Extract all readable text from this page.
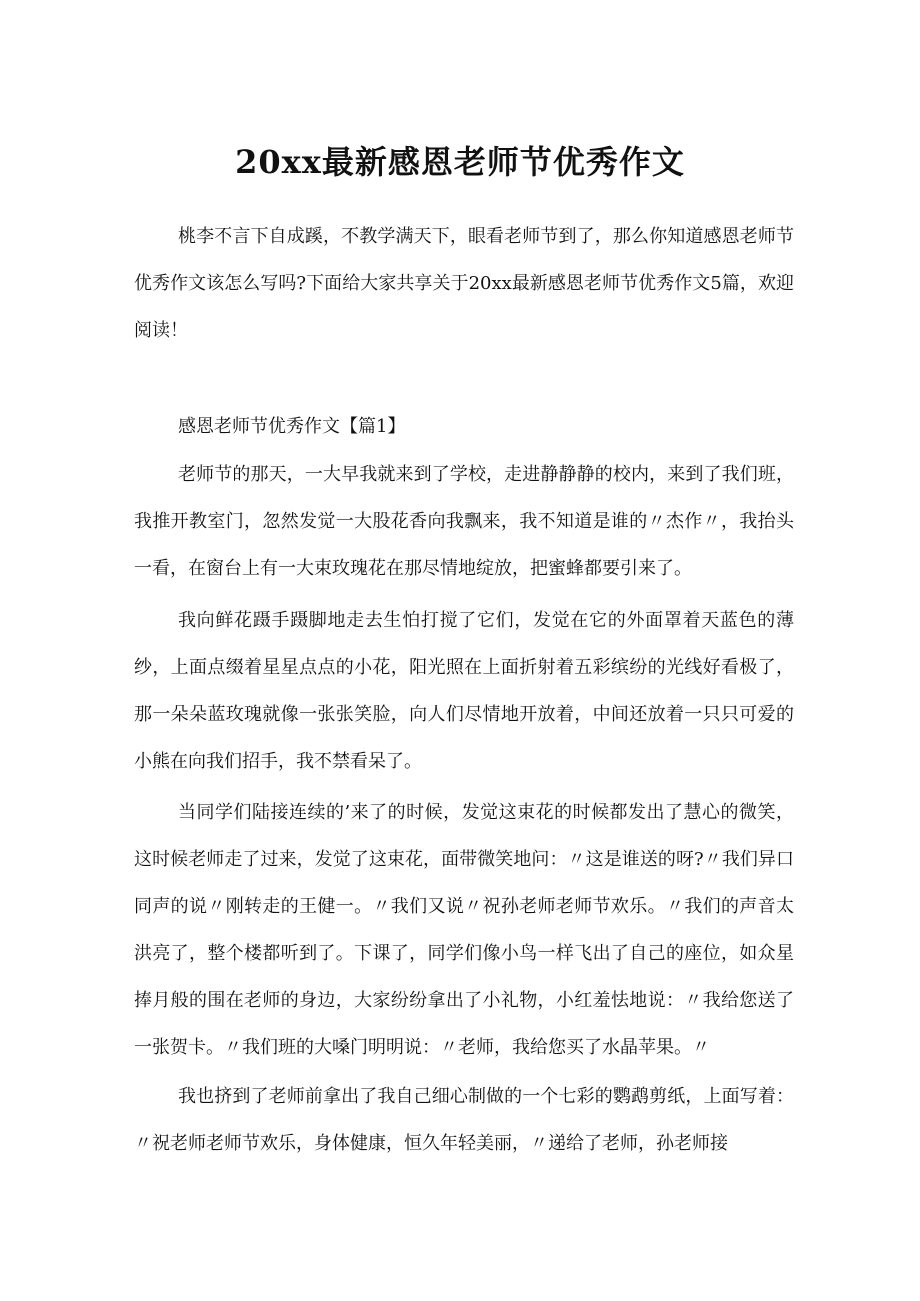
20xx最新感恩老师节优秀作文

桃李不言下自成蹊，不教学满天下，眼看老师节到了，那么你知道感恩老师节优秀作文该怎么写吗?下面给大家共享关于20xx最新感恩老师节优秀作文5篇，欢迎阅读！

感恩老师节优秀作文【篇1】

老师节的那天，一大早我就来到了学校，走进静静静的校内，来到了我们班，我推开教室门，忽然发觉一大股花香向我飘来，我不知道是谁的〃杰作〃，我抬头一看，在窗台上有一大束玫瑰花在那尽情地绽放，把蜜蜂都要引来了。

我向鲜花蹑手蹑脚地走去生怕打搅了它们，发觉在它的外面罩着天蓝色的薄纱，上面点缀着星星点点的小花，阳光照在上面折射着五彩缤纷的光线好看极了，那一朵朵蓝玫瑰就像一张张笑脸，向人们尽情地开放着，中间还放着一只只可爱的小熊在向我们招手，我不禁看呆了。

当同学们陆接连续的’来了的时候，发觉这束花的时候都发出了慧心的微笑，这时候老师走了过来，发觉了这束花，面带微笑地问：〃这是谁送的呀?〃我们异口同声的说〃刚转走的王健一。〃我们又说〃祝孙老师老师节欢乐。〃我们的声音太洪亮了，整个楼都听到了。下课了，同学们像小鸟一样飞出了自己的座位，如众星捧月般的围在老师的身边，大家纷纷拿出了小礼物，小红羞怯地说：〃我给您送了一张贺卡。〃我们班的大嗓门明明说：〃老师，我给您买了水晶苹果。〃

我也挤到了老师前拿出了我自己细心制做的一个七彩的鹦鹉剪纸，上面写着：〃祝老师老师节欢乐，身体健康，恒久年轻美丽，〃递给了老师，孙老师接
